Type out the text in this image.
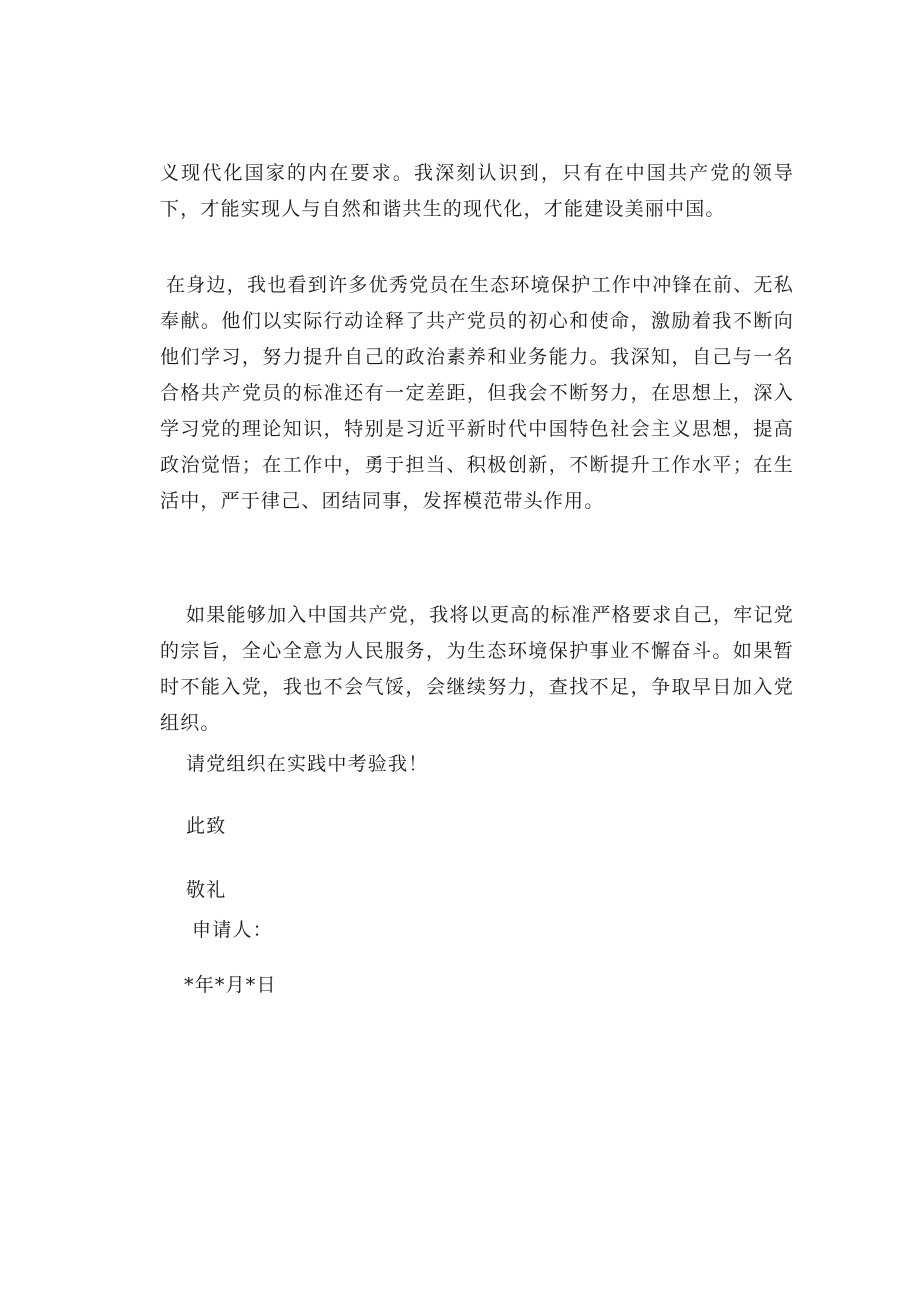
义现代化国家的内在要求。我深刻认识到，只有在中国共产党的领导下，才能实现人与自然和谐共生的现代化，才能建设美丽中国。

在身边，我也看到许多优秀党员在生态环境保护工作中冲锋在前、无私奉献。他们以实际行动诠释了共产党员的初心和使命，激励着我不断向他们学习，努力提升自己的政治素养和业务能力。我深知，自己与一名合格共产党员的标准还有一定差距，但我会不断努力，在思想上，深入学习党的理论知识，特别是习近平新时代中国特色社会主义思想，提高政治觉悟；在工作中，勇于担当、积极创新，不断提升工作水平；在生活中，严于律己、团结同事，发挥模范带头作用。

如果能够加入中国共产党，我将以更高的标准严格要求自己，牢记党的宗旨，全心全意为人民服务，为生态环境保护事业不懈奋斗。如果暂时不能入党，我也不会气馁，会继续努力，查找不足，争取早日加入党组织。

请党组织在实践中考验我！

此致

敬礼

申请人：

*年*月*日
